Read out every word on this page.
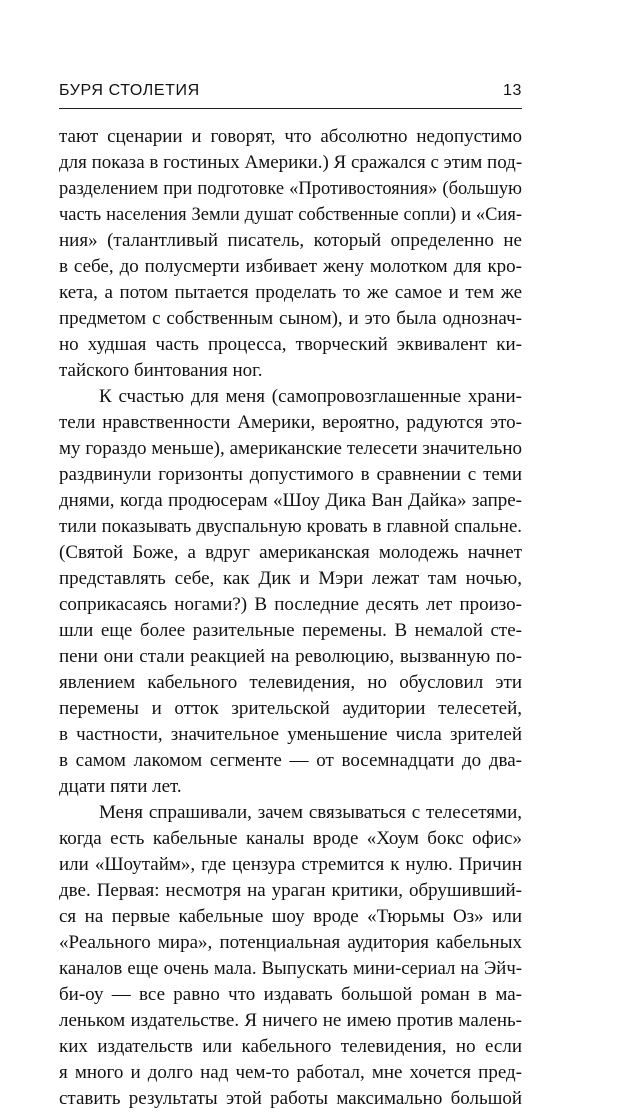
БУРЯ СТОЛЕТИЯ	13
тают сценарии и говорят, что абсолютно недопустимо
для показа в гостиных Америки.) Я сражался с этим под-
разделением при подготовке «Противостояния» (большую
часть населения Земли душат собственные сопли) и «Сия-
ния» (талантливый писатель, который определенно не
в себе, до полусмерти избивает жену молотком для кро-
кета, а потом пытается проделать то же самое и тем же
предметом с собственным сыном), и это была однознач-
но худшая часть процесса, творческий эквивалент ки-
тайского бинтования ног.
К счастью для меня (самопровозглашенные храни-
тели нравственности Америки, вероятно, радуются это-
му гораздо меньше), американские телесети значительно
раздвинули горизонты допустимого в сравнении с теми
днями, когда продюсерам «Шоу Дика Ван Дайка» запре-
тили показывать двуспальную кровать в главной спальне.
(Святой Боже, а вдруг американская молодежь начнет
представлять себе, как Дик и Мэри лежат там ночью,
соприкасаясь ногами?) В последние десять лет произо-
шли еще более разительные перемены. В немалой сте-
пени они стали реакцией на революцию, вызванную по-
явлением кабельного телевидения, но обусловил эти
перемены и отток зрительской аудитории телесетей,
в частности, значительное уменьшение числа зрителей
в самом лакомом сегменте — от восемнадцати до два-
дцати пяти лет.
Меня спрашивали, зачем связываться с телесетями,
когда есть кабельные каналы вроде «Хоум бокс офис»
или «Шоутайм», где цензура стремится к нулю. Причин
две. Первая: несмотря на ураган критики, обрушивший-
ся на первые кабельные шоу вроде «Тюрьмы Оз» или
«Реального мира», потенциальная аудитория кабельных
каналов еще очень мала. Выпускать мини-сериал на Эйч-
би-оу — все равно что издавать большой роман в ма-
леньком издательстве. Я ничего не имею против малень-
ких издательств или кабельного телевидения, но если
я много и долго над чем-то работал, мне хочется пред-
ставить результаты этой работы максимально большой
